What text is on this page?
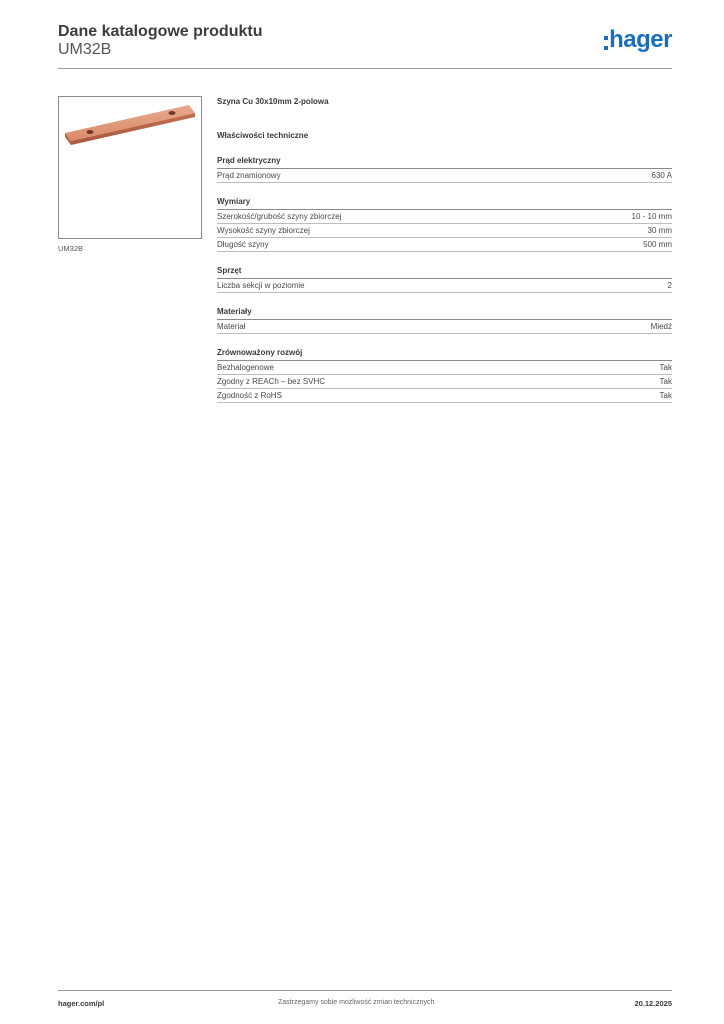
Dane katalogowe produktu
UM32B	hager
UM32B
Szyna Cu 30x10mm 2-polowa
Właściwości techniczne
Prąd elektryczny
Prąd znamionowy	630 A
Wymiary
Szerokość/grubość szyny zbiorczej	10 - 10 mm
Wysokość szyny zbiorczej	30 mm
Długość szyny	500 mm
Sprzęt
Liczba sekcji w poziomie	2
Materiały
Materiał	Miedź
Zrównoważony rozwój
Bezhalogenowe	Tak
Zgodny z REACh – bez SVHC	Tak
Zgodność z RoHS	Tak
hager.com/pl	Zastrzegamy sobie możliwość zmian technicznych	20.12.2025
